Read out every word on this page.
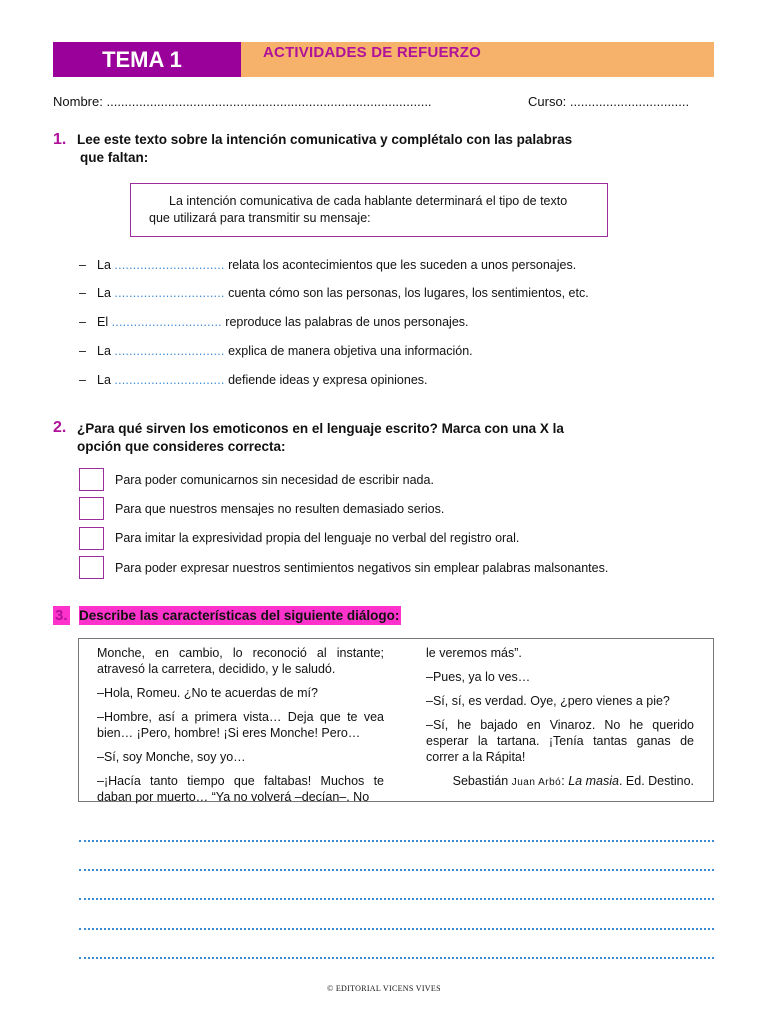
TEMA 1	ACTIVIDADES DE REFUERZO
Nombre: ..........................................................................................	Curso: .................................
1. Lee este texto sobre la intención comunicativa y complétalo con las palabras
que faltan:
La intención comunicativa de cada hablante determinará el tipo de texto
que utilizará para transmitir su mensaje:
– La .............................. relata los acontecimientos que les suceden a unos personajes.
– La .............................. cuenta cómo son las personas, los lugares, los sentimientos, etc.
– El .............................. reproduce las palabras de unos personajes.
– La .............................. explica de manera objetiva una información.
– La .............................. defiende ideas y expresa opiniones.
2. ¿Para qué sirven los emoticonos en el lenguaje escrito? Marca con una X la
opción que consideres correcta:
Para poder comunicarnos sin necesidad de escribir nada.
Para que nuestros mensajes no resulten demasiado serios.
Para imitar la expresividad propia del lenguaje no verbal del registro oral.
Para poder expresar nuestros sentimientos negativos sin emplear palabras malsonantes.
3. Describe las características del siguiente diálogo:

Monche, en cambio, lo reconoció al instante; atravesó la carretera, decidido, y le saludó.

–Hola, Romeu. ¿No te acuerdas de mí?

–Hombre, así a primera vista… Deja que te vea bien… ¡Pero, hombre! ¡Si eres Monche! Pero…

–Sí, soy Monche, soy yo…

–¡Hacía tanto tiempo que faltabas! Muchos te daban por muerto… “Ya no volverá –decían–. No

le veremos más”.

–Pues, ya lo ves…

–Sí, sí, es verdad. Oye, ¿pero vienes a pie?

–Sí, he bajado en Vinaroz. No he querido esperar la tartana. ¡Tenía tantas ganas de correr a la Rápita!

Sebastián Juan Arbó: La masia. Ed. Destino.
© EDITORIAL VICENS VIVES
